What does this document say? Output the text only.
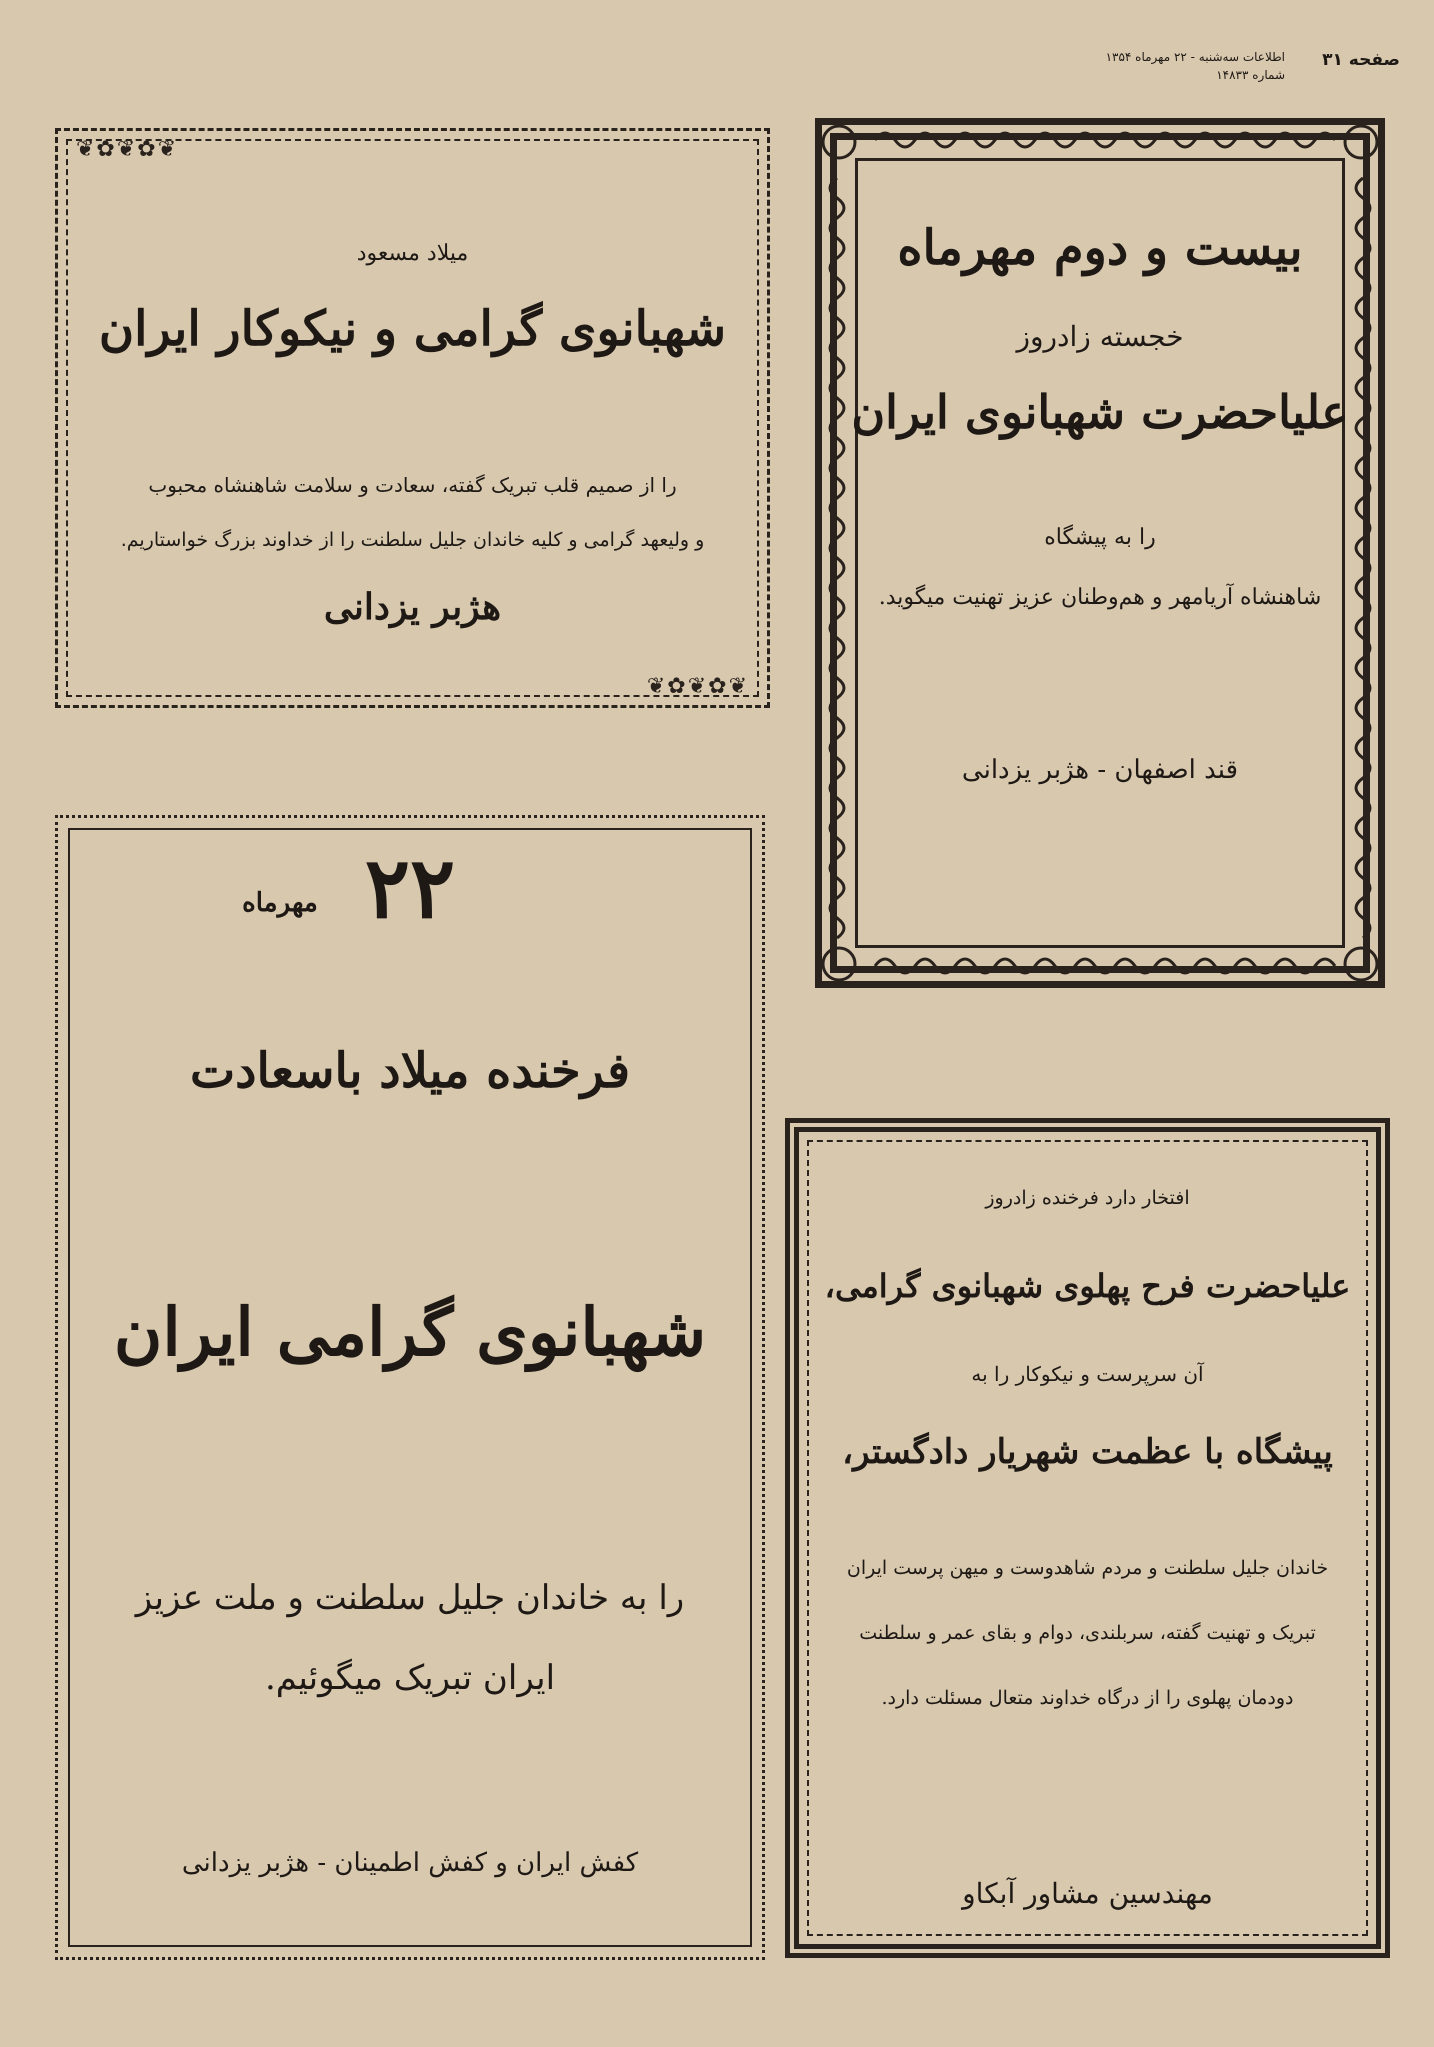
صفحه ۳۱
اطلاعات سه‌شنبه - ۲۲ مهرماه ۱۳۵۴
شماره ۱۴۸۳۳
❦✿❦✿❦
❦✿❦✿❦
میلاد مسعود
شهبانوی گرامی و نیکوکار ایران
را از صمیم قلب تبریک گفته، سعادت و سلامت شاهنشاه محبوب
و ولیعهد گرامی و کلیه خاندان جلیل سلطنت را از خداوند بزرگ خواستاریم.
هژبر یزدانی
بیست و دوم مهرماه
خجسته زادروز
علیاحضرت شهبانوی ایران
را به پیشگاه
شاهنشاه آریامهر و هم‌وطنان عزیز تهنیت میگوید.
قند اصفهان - هژبر یزدانی
۲۲
مهرماه
فرخنده میلاد باسعادت
شهبانوی گرامی ایران
را به خاندان جلیل سلطنت و ملت عزیز
ایران تبریک میگوئیم.
کفش ایران و کفش اطمینان - هژبر یزدانی
افتخار دارد فرخنده زادروز
علیاحضرت فرح پهلوی شهبانوی گرامی،
آن سرپرست و نیکوکار را به
پیشگاه با عظمت شهریار دادگستر،
خاندان جلیل سلطنت و مردم شاهدوست و میهن پرست ایران
تبریک و تهنیت گفته، سربلندی، دوام و بقای عمر و سلطنت
دودمان پهلوی را از درگاه خداوند متعال مسئلت دارد.
مهندسین مشاور آبکاو
